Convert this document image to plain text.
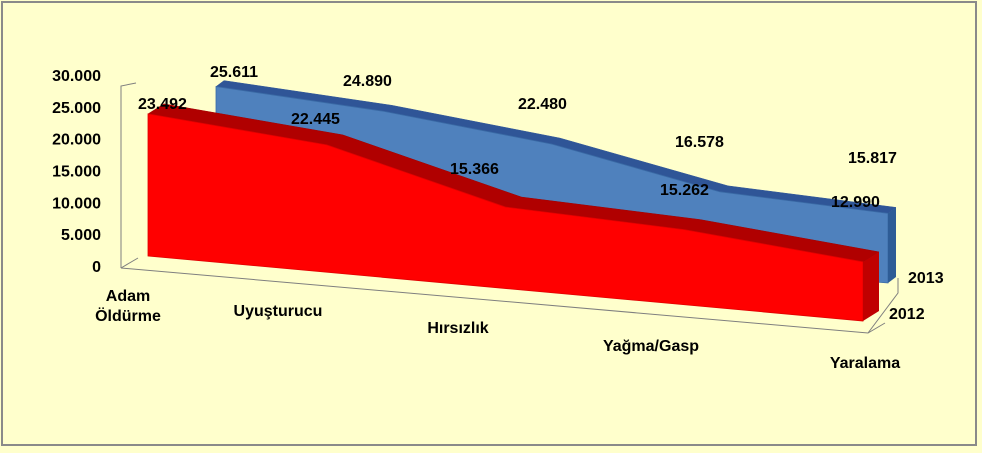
0
5.000
10.000
15.000
20.000
25.000
30.000	25.611
24.890
22.480
16.578
15.817
23.492
22.445
15.366
15.262
12.990
Adam
Öldürme	Uyuşturucu
Hırsızlık
Yağma/Gasp
Yaralama
2013
2012
